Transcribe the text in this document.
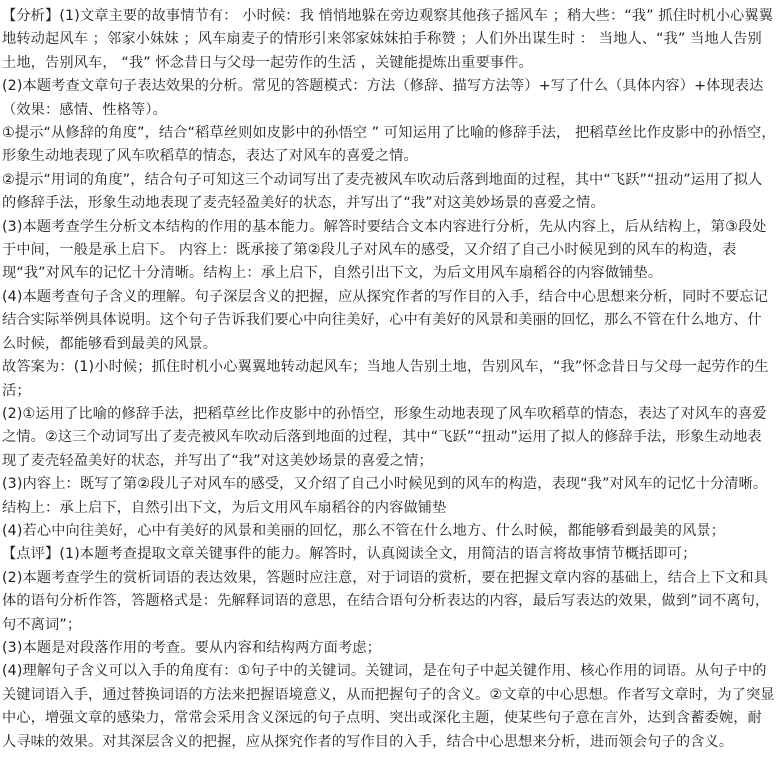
【分析】(1)文章主要的故事情节有： 小时候：我 悄悄地躲在旁边观察其他孩子摇风车 ；稍大些：“我” 抓住时机小心翼翼地转动起风车 ；邻家小妹妹 ；风车扇麦子的情形引来邻家妹妹拍手称赞 ；人们外出谋生时 ： 当地人、“我” 当地人告别土地，告别风车， “我” 怀念昔日与父母一起劳作的生活 ，关键能提炼出重要事件。

(2)本题考查文章句子表达效果的分析。常见的答题模式：方法（修辞、描写方法等）+写了什么（具体内容）+体现表达（效果：感情、性格等）。

①提示“从修辞的角度”，结合“稻草丝则如皮影中的孙悟空 ” 可知运用了比喻的修辞手法， 把稻草丝比作皮影中的孙悟空，形象生动地表现了风车吹稻草的情态，表达了对风车的喜爱之情。

②提示“用词的角度”，结合句子可知这三个动词写出了麦壳被风车吹动后落到地面的过程，其中“飞跃”“扭动”运用了拟人的修辞手法，形象生动地表现了麦壳轻盈美好的状态，并写出了“我”对这美妙场景的喜爱之情。

(3)本题考查学生分析文本结构的作用的基本能力。解答时要结合文本内容进行分析，先从内容上，后从结构上，第③段处于中间，一般是承上启下。 内容上：既承接了第②段儿子对风车的感受，又介绍了自己小时候见到的风车的构造，表现“我”对风车的记忆十分清晰。结构上：承上启下，自然引出下文，为后文用风车扇稻谷的内容做铺垫。

(4)本题考查句子含义的理解。句子深层含义的把握，应从探究作者的写作目的入手，结合中心思想来分析，同时不要忘记结合实际举例具体说明。这个句子告诉我们要心中向往美好，心中有美好的风景和美丽的回忆，那么不管在什么地方、什么时候，都能够看到最美的风景。

故答案为：(1)小时候；抓住时机小心翼翼地转动起风车；当地人告别土地，告别风车，“我”怀念昔日与父母一起劳作的生活；

(2)①运用了比喻的修辞手法，把稻草丝比作皮影中的孙悟空，形象生动地表现了风车吹稻草的情态，表达了对风车的喜爱之情。②这三个动词写出了麦壳被风车吹动后落到地面的过程，其中“飞跃”“扭动”运用了拟人的修辞手法，形象生动地表现了麦壳轻盈美好的状态，并写出了“我”对这美妙场景的喜爱之情；

(3)内容上：既写了第②段儿子对风车的感受，又介绍了自己小时候见到的风车的构造，表现“我”对风车的记忆十分清晰。结构上：承上启下，自然引出下文，为后文用风车扇稻谷的内容做铺垫

(4)若心中向往美好，心中有美好的风景和美丽的回忆，那么不管在什么地方、什么时候，都能够看到最美的风景；

【点评】(1)本题考查提取文章关键事件的能力。解答时，认真阅读全文，用简洁的语言将故事情节概括即可；

(2)本题考查学生的赏析词语的表达效果，答题时应注意，对于词语的赏析，要在把握文章内容的基础上，结合上下文和具体的语句分析作答，答题格式是：先解释词语的意思，在结合语句分析表达的内容，最后写表达的效果，做到”词不离句，句不离词”；

(3)本题是对段落作用的考查。要从内容和结构两方面考虑；

(4)理解句子含义可以入手的角度有：①句子中的关键词。关键词，是在句子中起关键作用、核心作用的词语。从句子中的关键词语入手，通过替换词语的方法来把握语境意义，从而把握句子的含义。②文章的中心思想。作者写文章时，为了突显中心，增强文章的感染力，常常会采用含义深远的句子点明、突出或深化主题，使某些句子意在言外，达到含蓄委婉，耐人寻味的效果。对其深层含义的把握，应从探究作者的写作目的入手，结合中心思想来分析，进而领会句子的含义。
